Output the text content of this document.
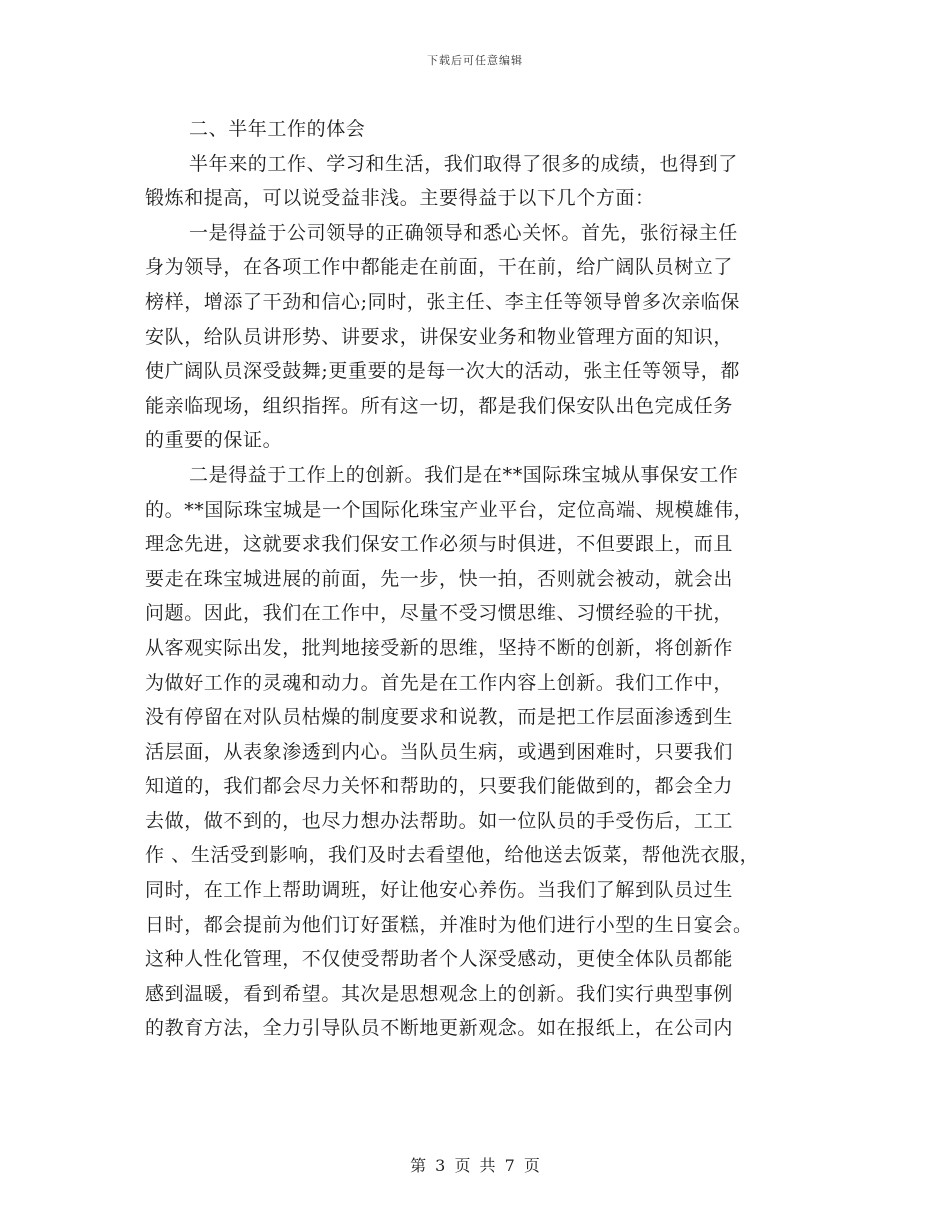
下载后可任意编辑
二、半年工作的体会
半年来的工作、学习和生活，我们取得了很多的成绩，也得到了
锻炼和提高，可以说受益非浅。主要得益于以下几个方面：
一是得益于公司领导的正确领导和悉心关怀。首先，张衍禄主任
身为领导，在各项工作中都能走在前面，干在前，给广阔队员树立了
榜样，增添了干劲和信心;同时，张主任、李主任等领导曾多次亲临保
安队，给队员讲形势、讲要求，讲保安业务和物业管理方面的知识，
使广阔队员深受鼓舞;更重要的是每一次大的活动，张主任等领导，都
能亲临现场，组织指挥。所有这一切，都是我们保安队出色完成任务
的重要的保证。
二是得益于工作上的创新。我们是在**国际珠宝城从事保安工作
的。**国际珠宝城是一个国际化珠宝产业平台，定位高端、规模雄伟，
理念先进，这就要求我们保安工作必须与时俱进，不但要跟上，而且
要走在珠宝城进展的前面，先一步，快一拍，否则就会被动，就会出
问题。因此，我们在工作中，尽量不受习惯思维、习惯经验的干扰，
从客观实际出发，批判地接受新的思维，坚持不断的创新，将创新作
为做好工作的灵魂和动力。首先是在工作内容上创新。我们工作中，
没有停留在对队员枯燥的制度要求和说教，而是把工作层面渗透到生
活层面，从表象渗透到内心。当队员生病，或遇到困难时，只要我们
知道的，我们都会尽力关怀和帮助的，只要我们能做到的，都会全力
去做，做不到的，也尽力想办法帮助。如一位队员的手受伤后，工工
作 、生活受到影响，我们及时去看望他，给他送去饭菜，帮他洗衣服，
同时，在工作上帮助调班，好让他安心养伤。当我们了解到队员过生
日时，都会提前为他们订好蛋糕，并准时为他们进行小型的生日宴会。
这种人性化管理，不仅使受帮助者个人深受感动，更使全体队员都能
感到温暖，看到希望。其次是思想观念上的创新。我们实行典型事例
的教育方法，全力引导队员不断地更新观念。如在报纸上，在公司内
第 3 页 共 7 页
